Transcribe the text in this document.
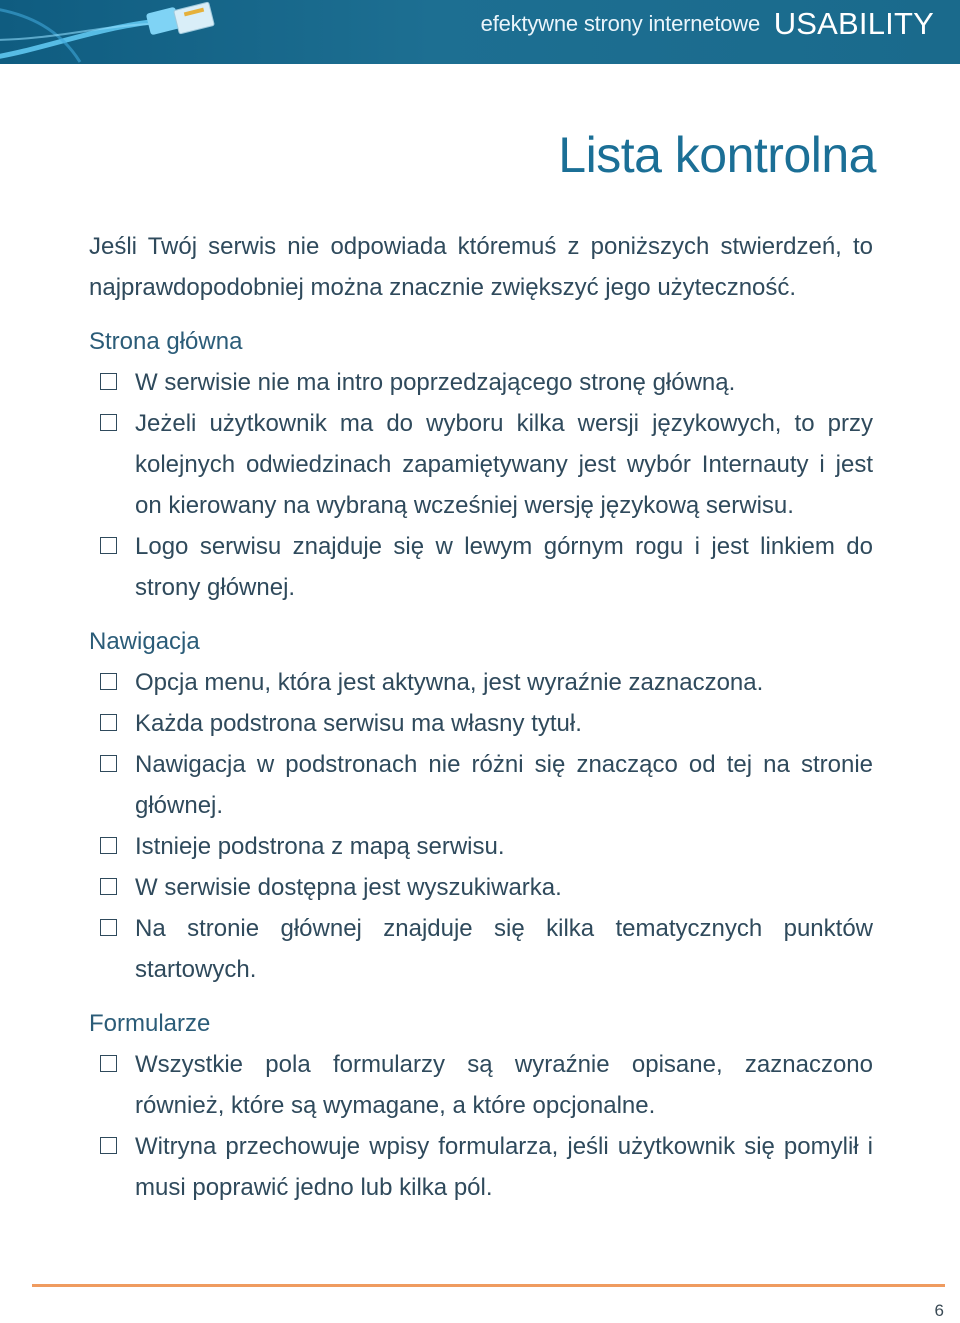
efektywne strony internetowe USABILITY
Lista kontrolna

Jeśli Twój serwis nie odpowiada któremuś z poniższych stwierdzeń, to najprawdopodobniej można znacznie zwiększyć jego użyteczność.

Strona główna
W serwisie nie ma intro poprzedzającego stronę główną.
Jeżeli użytkownik ma do wyboru kilka wersji językowych, to przy kolejnych odwiedzinach zapamiętywany jest wybór Internauty i jest on kierowany na wybraną wcześniej wersję językową serwisu.
Logo serwisu znajduje się w lewym górnym rogu i jest linkiem do strony głównej.
Nawigacja
Opcja menu, która jest aktywna, jest wyraźnie zaznaczona.
Każda podstrona serwisu ma własny tytuł.
Nawigacja w podstronach nie różni się znacząco od tej na stronie głównej.
Istnieje podstrona z mapą serwisu.
W serwisie dostępna jest wyszukiwarka.
Na stronie głównej znajduje się kilka tematycznych punktów startowych.
Formularze
Wszystkie pola formularzy są wyraźnie opisane, zaznaczono również, które są wymagane, a które opcjonalne.
Witryna przechowuje wpisy formularza, jeśli użytkownik się pomylił i musi poprawić jedno lub kilka pól.
6
